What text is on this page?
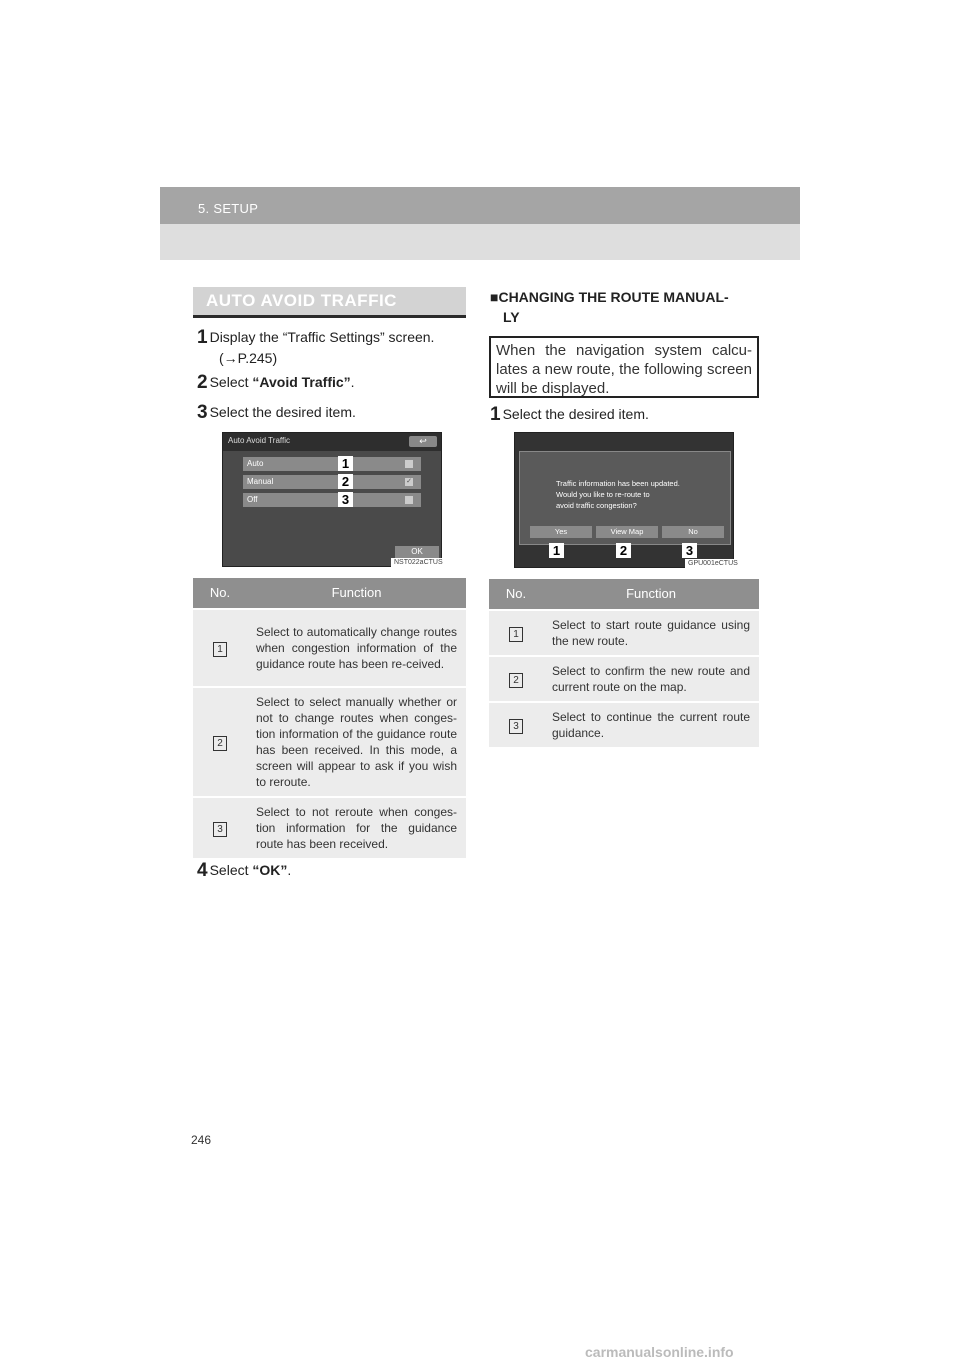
5. SETUP
AUTO AVOID TRAFFIC
1 Display the “Traffic Settings” screen.
(→P.245)
2 Select “Avoid Traffic”.
3 Select the desired item.
Auto Avoid Traffic	↩
Auto
Manual	✓
Off
1
2
3
OK
NST022aCTUS
No.	Function
1	Select to automatically change routes when congestion information of the guidance route has been re-ceived.
2	Select to select manually whether or not to change routes when conges-tion information of the guidance route has been received. In this mode, a screen will appear to ask if you wish to reroute.
3	Select to not reroute when conges-tion information for the guidance route has been received.
4 Select “OK”.
■CHANGING THE ROUTE MANUAL-
LY
When the navigation system calcu-lates a new route, the following screen will be displayed.
1 Select the desired item.
Traffic information has been updated.
Would you like to re-route to
avoid traffic congestion?
Yes	View Map	No
1	2	3
GPU001eCTUS
No.	Function
1	Select to start route guidance using the new route.
2	Select to confirm the new route and current route on the map.
3	Select to continue the current route guidance.
246
carmanualsonline.info
